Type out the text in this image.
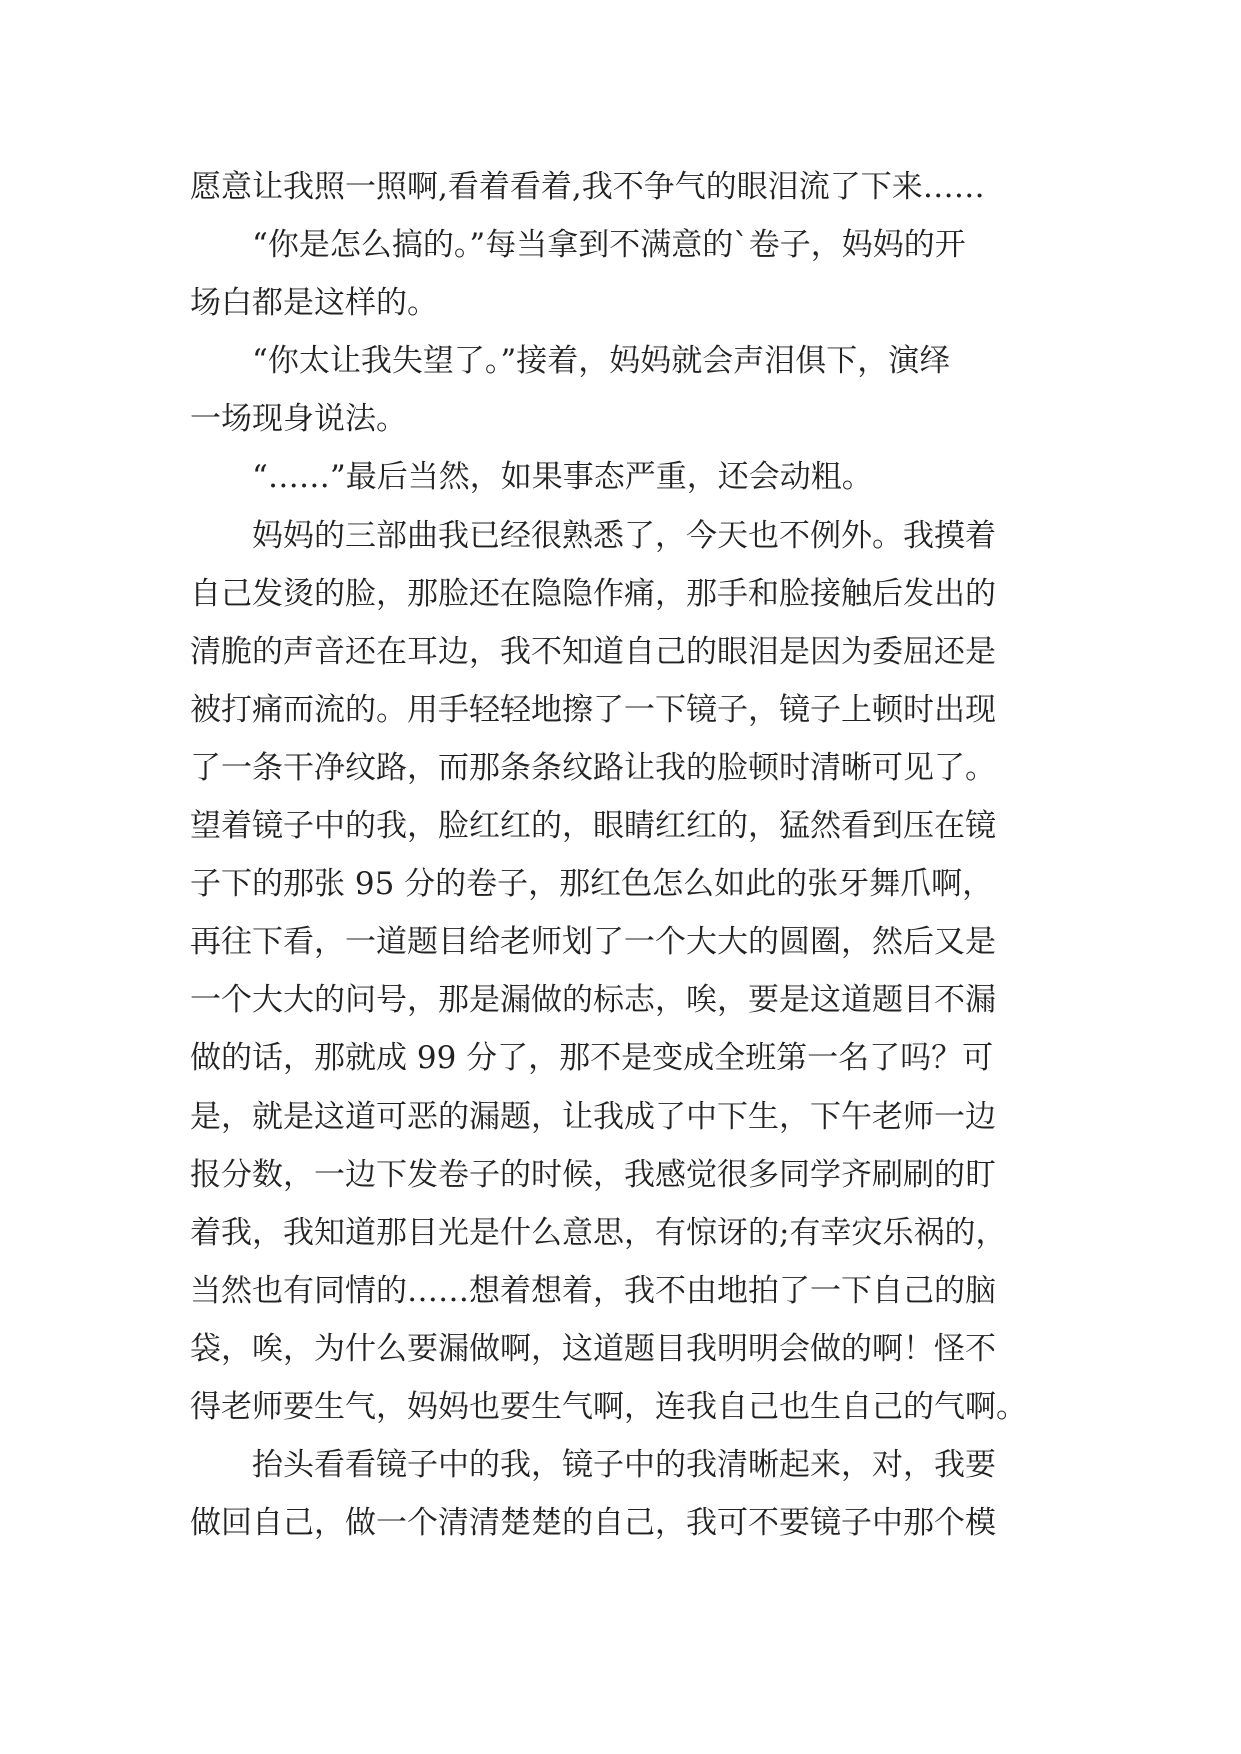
愿意让我照一照啊,看着看着,我不争气的眼泪流了下来……
　　“你是怎么搞的。”每当拿到不满意的`卷子，妈妈的开
场白都是这样的。
　　“你太让我失望了。”接着，妈妈就会声泪俱下，演绎
一场现身说法。
　　“……”最后当然，如果事态严重，还会动粗。
　　妈妈的三部曲我已经很熟悉了，今天也不例外。我摸着
自己发烫的脸，那脸还在隐隐作痛，那手和脸接触后发出的
清脆的声音还在耳边，我不知道自己的眼泪是因为委屈还是
被打痛而流的。用手轻轻地擦了一下镜子，镜子上顿时出现
了一条干净纹路，而那条条纹路让我的脸顿时清晰可见了。
望着镜子中的我，脸红红的，眼睛红红的，猛然看到压在镜
子下的那张 95 分的卷子，那红色怎么如此的张牙舞爪啊，
再往下看，一道题目给老师划了一个大大的圆圈，然后又是
一个大大的问号，那是漏做的标志，唉，要是这道题目不漏
做的话，那就成 99 分了，那不是变成全班第一名了吗？可
是，就是这道可恶的漏题，让我成了中下生，下午老师一边
报分数，一边下发卷子的时候，我感觉很多同学齐刷刷的盯
着我，我知道那目光是什么意思，有惊讶的;有幸灾乐祸的，
当然也有同情的……想着想着，我不由地拍了一下自己的脑
袋，唉，为什么要漏做啊，这道题目我明明会做的啊！怪不
得老师要生气，妈妈也要生气啊，连我自己也生自己的气啊。
　　抬头看看镜子中的我，镜子中的我清晰起来，对，我要
做回自己，做一个清清楚楚的自己，我可不要镜子中那个模
